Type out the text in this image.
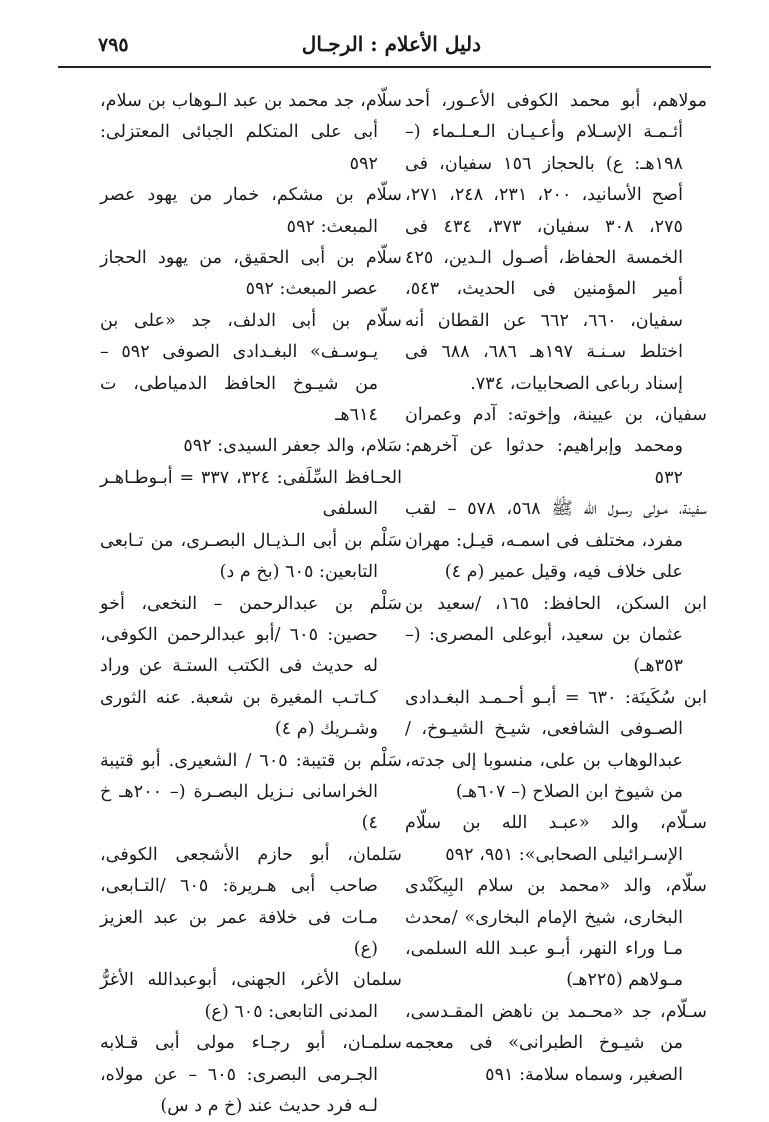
دليل الأعلام : الرجـال
٧٩٥

مولاهم، أبو محمد الكوفى الأعـور، أحد أئـمـة الإسـلام وأعـيـان الـعـلـماء (– ١٩٨هـ: ع) بالحجاز ١٥٦ سفيان، فى أصح الأسانيد، ٢٠٠، ٢٣١، ٢٤٨، ٢٧١، ٢٧٥، ٣٠٨ سفيان، ٣٧٣، ٤٣٤ فى الخمسة الحفاظ، أصـول الـدين، ٤٢٥ أمير المؤمنين فى الحديث، ٥٤٣، سفيان، ٦٦٠، ٦٦٢ عن القطان أنه اختلط سـنـة ١٩٧هـ ٦٨٦، ٦٨٨ فى إسناد رباعى الصحابيات، ٧٣٤.

سفيان، بن عيينة، وإخوته: آدم وعمران ومحمد وإبراهيم: حدثوا عن آخرهم: ٥٣٢

سفينة، مـولى رسـول الله ﷺ ٥٦٨، ٥٧٨ – لقب مفرد، مختلف فى اسمـه، قيـل: مهران على خلاف فيه، وقيل عمير (م ٤)

ابن السكن، الحافظ: ١٦٥، /سعيد بن عثمان بن سعيد، أبوعلى المصرى: (– ٣٥٣هـ)

ابن سُكَينَة: ٦٣٠ = أبـو أحـمـد البغـدادى الصـوفى الشافعى، شيـخ الشيـوخ، /عبدالوهاب بن على، منسوبا إلى جدته، من شيوخ ابن الصلاح (– ٦٠٧هـ)

سـلّام، والد «عبـد الله بن سلّام الإسـرائيلى الصحابى»: ٩٥١، ٥٩٢

سلّام، والد «محمد بن سلام البِيكَنْدى البخارى، شيخ الإمام البخارى» /محدث مـا وراء النهر، أبـو عبـد الله السلمى، مـولاهم (٢٢٥هـ)

سـلّام، جد «محـمد بن ناهض المقـدسى، من شيـوخ الطبرانى» فى معجمه الصغير، وسماه سلامة: ٥٩١

سلّام، جد محمد بن عبد الـوهاب بن سلام، أبى على المتكلم الجبائى المعتزلى: ٥٩٢

سلّام بن مشكم، خمار من يهود عصر المبعث: ٥٩٢

سلّام بن أبى الحقيق، من يهود الحجاز عصر المبعث: ٥٩٢

سلّام بن أبى الدلف، جد «على بن يـوسـف» البغـدادى الصوفى ٥٩٢ – من شيـوخ الحافظ الدمياطى، ت ٦١٤هـ

سَلام، والد جعفر السيدى: ٥٩٢

الحـافظ السِّلَفى: ٣٢٤، ٣٣٧ = أبـوطـاهـر السلفى

سَلْم بن أبى الـذيـال البصـرى، من تـابعى التابعين: ٦٠٥ (بخ م د)

سَلْم بن عبدالرحمن – النخعى، أخو حصين: ٦٠٥ /أبو عبدالرحمن الكوفى، له حديث فى الكتب الستـة عن وراد كـاتـب المغيرة بن شعبة. عنه الثورى وشـريك (م ٤)

سَلْم بن قتيبة: ٦٠٥ / الشعيرى. أبو قتيبة الخراسانى نـزيل البصـرة (– ٢٠٠هـ خ ٤)

سَلمان، أبو حازم الأشجعى الكوفى، صاحب أبى هـريرة: ٦٠٥ /التـابعى، مـات فى خلافة عمر بن عبد العزيز (ع)

سلمان الأغر، الجهنى، أبوعبدالله الأغرُّ المدنى التابعى: ٦٠٥ (ع)

سلمـان، أبو رجـاء مولى أبى قـلابه الجـرمى البصرى: ٦٠٥ – عن مولاه، لـه فرد حديث عند (خ م د س)
